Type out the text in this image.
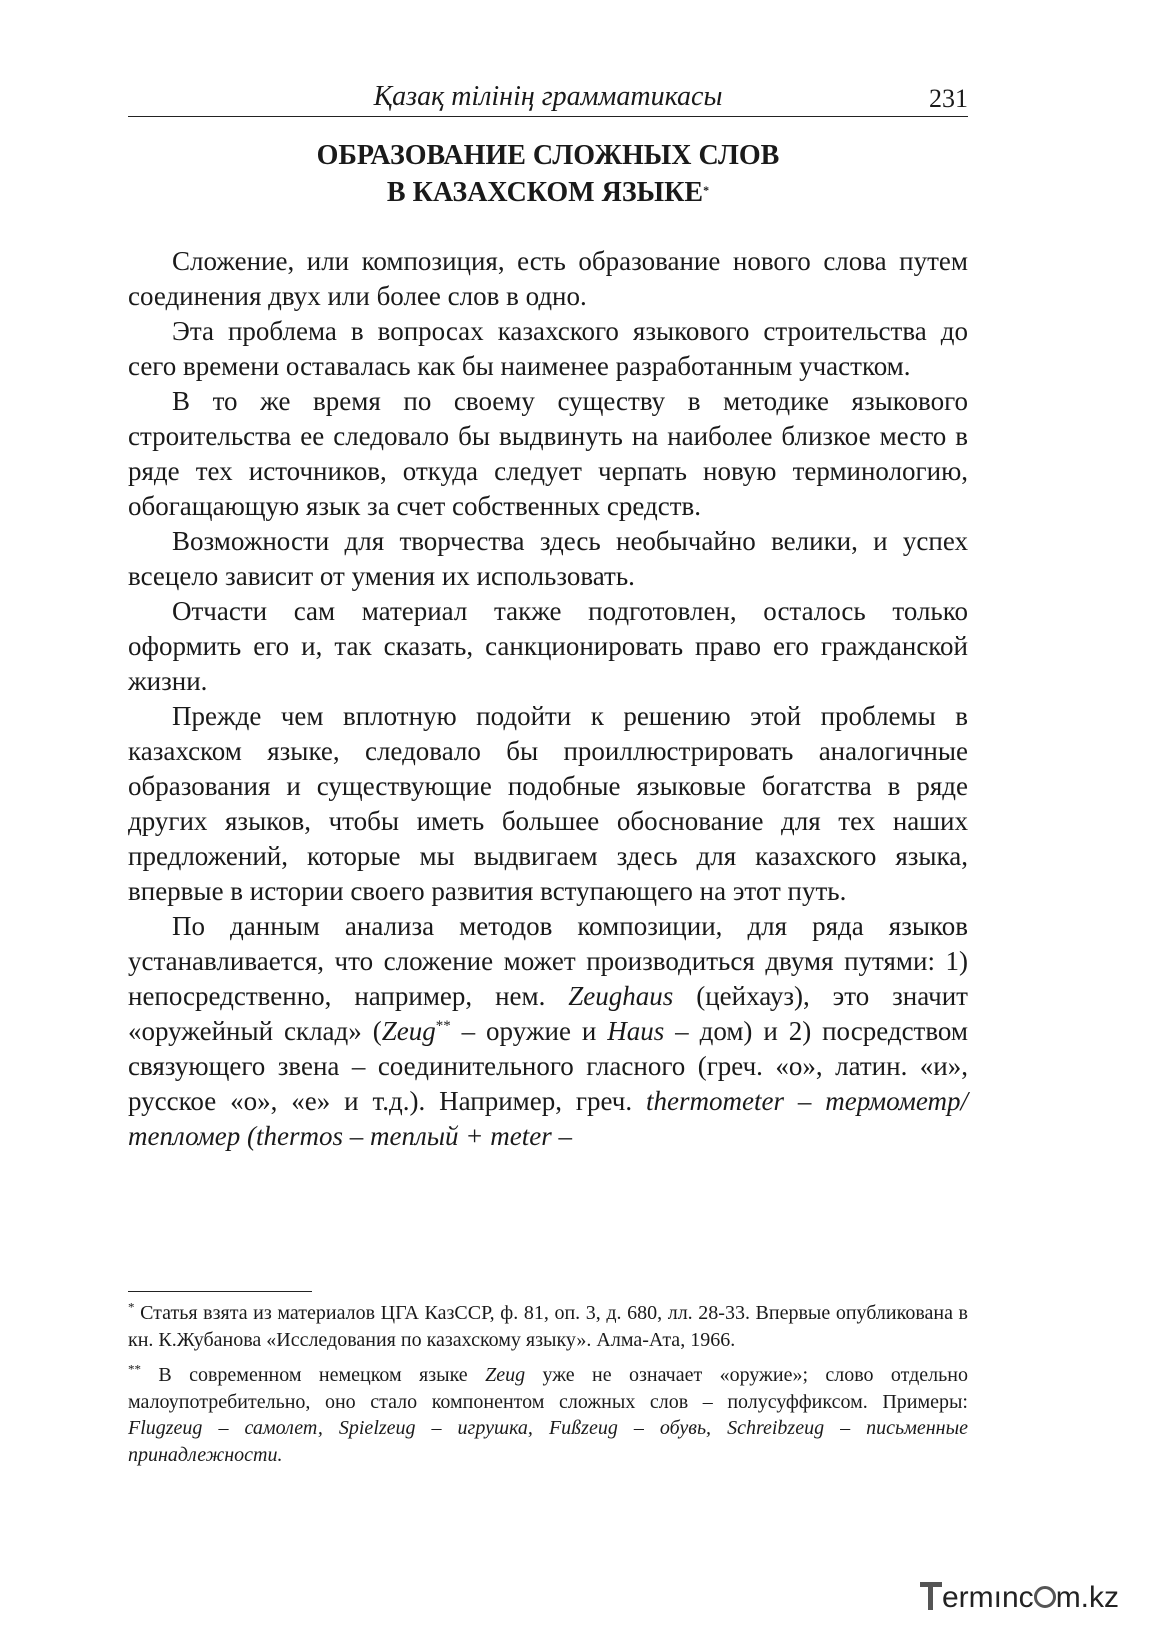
Қазақ тілінің грамматикасы	231
ОБРАЗОВАНИЕ СЛОЖНЫХ СЛОВ
В КАЗАХСКОМ ЯЗЫКЕ*

Сложение, или композиция, есть образование нового слова путем соединения двух или более слов в одно.

Эта проблема в вопросах казахского языкового строительства до сего времени оставалась как бы наименее разработанным участком.

В то же время по своему существу в методике языкового строительства ее следовало бы выдвинуть на наиболее близкое место в ряде тех источников, откуда следует черпать новую терминологию, обогащающую язык за счет собственных средств.

Возможности для творчества здесь необычайно велики, и успех всецело зависит от умения их использовать.

Отчасти сам материал также подготовлен, осталось только оформить его и, так сказать, санкционировать право его гражданской жизни.

Прежде чем вплотную подойти к решению этой проблемы в казахском языке, следовало бы проиллюстрировать аналогичные образования и существующие подобные языковые богатства в ряде других языков, чтобы иметь большее обоснование для тех наших предложений, которые мы выдвигаем здесь для казахского языка, впервые в истории своего развития вступающего на этот путь.

По данным анализа методов композиции, для ряда языков устанавливается, что сложение может производиться двумя путями: 1) непосредственно, например, нем. Zeughaus (цейхауз), это значит «оружейный склад» (Zeug** – оружие и Haus – дом) и 2) посредством связующего звена – соединительного гласного (греч. «о», латин. «и», русское «о», «е» и т.д.). Например, греч. thermometer – термометр/тепломер (thermos – теплый + meter –

* Статья взята из материалов ЦГА КазССР, ф. 81, оп. 3, д. 680, лл. 28-33. Впервые опубликована в кн. К.Жубанова «Исследования по казахскому языку». Алма-Ата, 1966.

** В современном немецком языке Zeug уже не означает «оружие»; слово отдельно малоупотребительно, оно стало компонентом сложных слов – полусуффиксом. Примеры: Flugzeug – самолет, Spielzeug – игрушка, Fußzeug – обувь, Schreibzeug – письменные принадлежности.

ermınc m.kz
